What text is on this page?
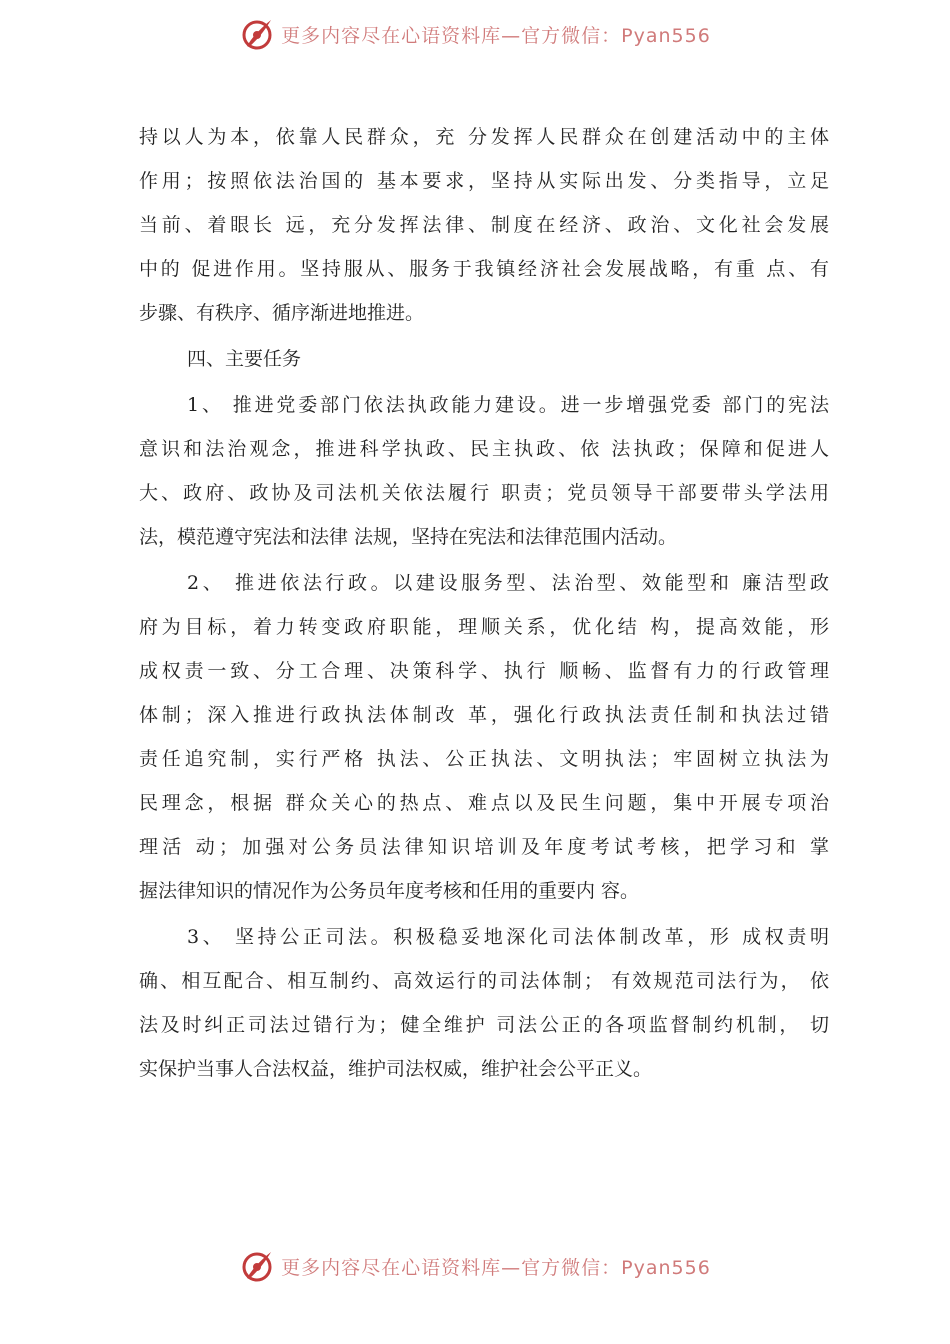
更多内容尽在心语资料库—官方微信：Pyan556
持以人为本，依靠人民群众，充 分发挥人民群众在创建活动中的主体
作用；按照依法治国的 基本要求，坚持从实际出发、分类指导，立足
当前、着眼长 远，充分发挥法律、制度在经济、政治、文化社会发展
中的 促进作用。坚持服从、服务于我镇经济社会发展战略，有重 点、有
步骤、有秩序、循序渐进地推进。
四、主要任务
1、 推进党委部门依法执政能力建设。进一步增强党委 部门的宪法
意识和法治观念，推进科学执政、民主执政、依 法执政；保障和促进人
大、政府、政协及司法机关依法履行 职责；党员领导干部要带头学法用
法，模范遵守宪法和法律 法规，坚持在宪法和法律范围内活动。
2、 推进依法行政。以建设服务型、法治型、效能型和 廉洁型政
府为目标，着力转变政府职能，理顺关系，优化结 构，提高效能，形
成权责一致、分工合理、决策科学、执行 顺畅、监督有力的行政管理
体制；深入推进行政执法体制改 革，强化行政执法责任制和执法过错
责任追究制，实行严格 执法、公正执法、文明执法；牢固树立执法为
民理念，根据 群众关心的热点、难点以及民生问题，集中开展专项治
理活 动；加强对公务员法律知识培训及年度考试考核，把学习和 掌
握法律知识的情况作为公务员年度考核和任用的重要内 容。
3、 坚持公正司法。积极稳妥地深化司法体制改革，形 成权责明
确、相互配合、相互制约、高效运行的司法体制； 有效规范司法行为， 依
法及时纠正司法过错行为；健全维护 司法公正的各项监督制约机制， 切
实保护当事人合法权益，维护司法权威，维护社会公平正义。
更多内容尽在心语资料库—官方微信：Pyan556
